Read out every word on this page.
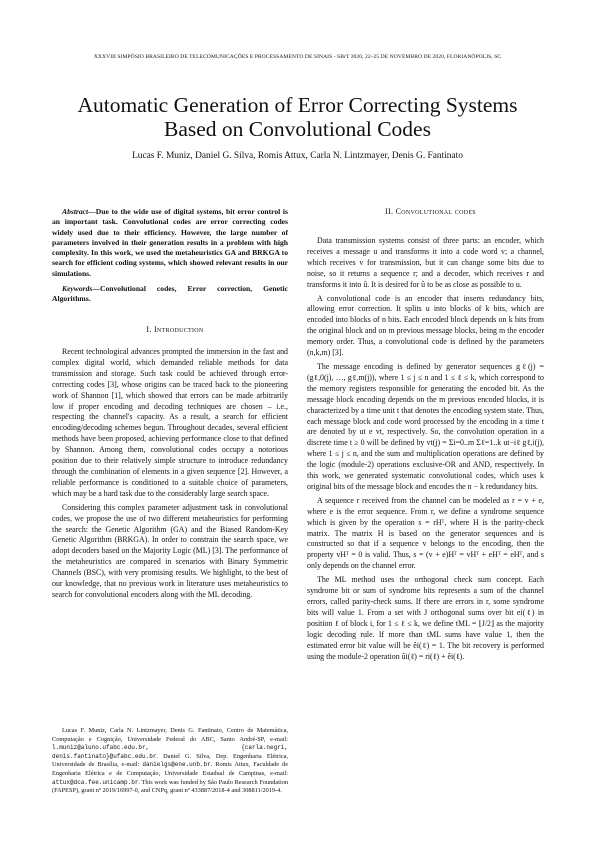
XXXVIII SIMPÓSIO BRASILEIRO DE TELECOMUNICAÇÕES E PROCESSAMENTO DE SINAIS - SBrT 2020, 22–25 DE NOVEMBRO DE 2020, FLORIANÓPOLIS, SC
Automatic Generation of Error Correcting Systems
Based on Convolutional Codes
Lucas F. Muniz, Daniel G. Silva, Romis Attux, Carla N. Lintzmayer, Denis G. Fantinato

Abstract—Due to the wide use of digital systems, bit error control is an important task. Convolutional codes are error correcting codes widely used due to their efficiency. However, the large number of parameters involved in their generation results in a problem with high complexity. In this work, we used the metaheuristics GA and BRKGA to search for efficient coding systems, which showed relevant results in our simulations.

Keywords—Convolutional codes, Error correction, Genetic Algorithms.

I. Introduction

Recent technological advances prompted the immersion in the fast and complex digital world, which demanded reliable methods for data transmission and storage. Such task could be achieved through error-correcting codes [3], whose origins can be traced back to the pioneering work of Shannon [1], which showed that errors can be made arbitrarily low if proper encoding and decoding techniques are chosen – i.e., respecting the channel's capacity. As a result, a search for efficient encoding/decoding schemes begun. Throughout decades, several efficient methods have been proposed, achieving performance close to that defined by Shannon. Among them, convolutional codes occupy a notorious position due to their relatively simple structure to introduce redundancy through the combination of elements in a given sequence [2]. However, a reliable performance is conditioned to a suitable choice of parameters, which may be a hard task due to the considerably large search space.

Considering this complex parameter adjustment task in convolutional codes, we propose the use of two different metaheuristics for performing the search: the Genetic Algorithm (GA) and the Biased Random-Key Genetic Algorithm (BRKGA). In order to constrain the search space, we adopt decoders based on the Majority Logic (ML) [3]. The performance of the metaheuristics are compared in scenarios with Binary Symmetric Channels (BSC), with very promising results. We highlight, to the best of our knowledge, that no previous work in literature uses metaheuristics to search for convolutional encoders along with the ML decoding.

Lucas F. Muniz, Carla N. Lintzmayer, Denis G. Fantinato, Centro de Matemática, Computação e Cognição, Universidade Federal do ABC, Santo André-SP, e-mail: l.muniz@aluno.ufabc.edu.br, {carla.negri, denis.fantinato}@ufabc.edu.br. Daniel G. Silva, Dep. Engenharia Elétrica, Universidade de Brasília, e-mail: danielgs@ene.unb.br. Romis Attux, Faculdade de Engenharia Elétrica e de Computação, Universidade Estadual de Campinas, e-mail: attux@dca.fee.unicamp.br. This work was funded by São Paulo Research Foundation (FAPESP), grant nº 2019/16997-0, and CNPq, grant nº 433887/2018-4 and 308811/2019-4.

II. Convolutional codes

Data transmission systems consist of three parts: an encoder, which receives a message u and transforms it into a code word v; a channel, which receives v for transmission, but it can change some bits due to noise, so it returns a sequence r; and a decoder, which receives r and transforms it into û. It is desired for û to be as close as possible to u.

A convolutional code is an encoder that inserts redundancy bits, allowing error correction. It splits u into blocks of k bits, which are encoded into blocks of n bits. Each encoded block depends on k bits from the original block and on m previous message blocks, being m the encoder memory order. Thus, a convolutional code is defined by the parameters (n,k,m) [3].

The message encoding is defined by generator sequences gℓ(j) = (gℓ,0(j), …, gℓ,m(j)), where 1 ≤ j ≤ n and 1 ≤ ℓ ≤ k, which correspond to the memory registers responsible for generating the encoded bit. As the message block encoding depends on the m previous encoded blocks, it is characterized by a time unit t that denotes the encoding system state. Thus, each message block and code word processed by the encoding in a time t are denoted by ut e vt, respectively. So, the convolution operation in a discrete time t ≥ 0 will be defined by vt(j) = Σi=0..m Σℓ=1..k ut−iℓ gℓ,i(j), where 1 ≤ j ≤ n, and the sum and multiplication operations are defined by the logic (module-2) operations exclusive-OR and AND, respectively. In this work, we generated systematic convolutional codes, which uses k original bits of the message block and encodes the n − k redundancy bits.

A sequence r received from the channel can be modeled as r = v + e, where e is the error sequence. From r, we define a syndrome sequence which is given by the operation s = rHᵀ, where H is the parity-check matrix. The matrix H is based on the generator sequences and is constructed so that if a sequence v belongs to the encoding, then the property vHᵀ = 0 is valid. Thus, s = (v + e)Hᵀ = vHᵀ + eHᵀ = eHᵀ, and s only depends on the channel error.

The ML method uses the orthogonal check sum concept. Each syndrome bit or sum of syndrome bits represents a sum of the channel errors, called parity-check sums. If there are errors in r, some syndrome bits will value 1. From a set with J orthogonal sums over bit ei(ℓ) in position ℓ of block i, for 1 ≤ ℓ ≤ k, we define tML = ⌊J/2⌋ as the majority logic decoding rule. If more than tML sums have value 1, then the estimated error bit value will be êi(ℓ) = 1. The bit recovery is performed using the module-2 operation ûi(ℓ) = ri(ℓ) + êi(ℓ).
